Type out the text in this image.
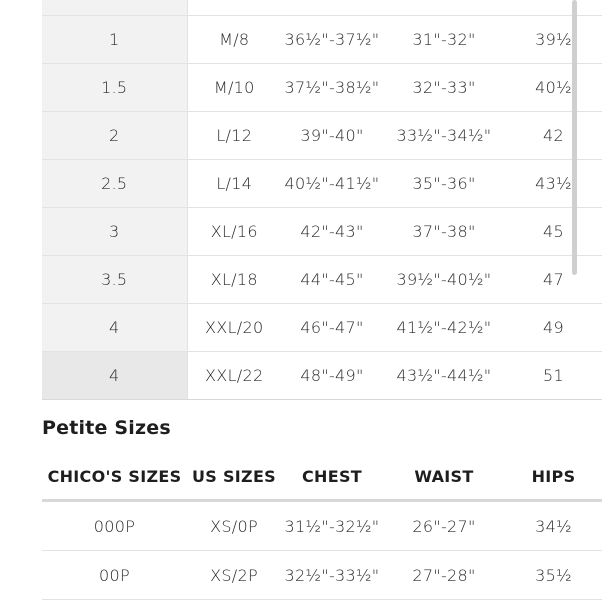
1	M/8	36½"-37½"	31"-32"	39½
1.5	M/10	37½"-38½"	32"-33"	40½
2	L/12	39"-40"	33½"-34½"	42
2.5	L/14	40½"-41½"	35"-36"	43½
3	XL/16	42"-43"	37"-38"	45
3.5	XL/18	44"-45"	39½"-40½"	47
4	XXL/20	46"-47"	41½"-42½"	49
4	XXL/22	48"-49"	43½"-44½"	51
Petite Sizes
CHICO'S SIZES	US SIZES	CHEST	WAIST	HIPS
000P	XS/0P	31½"-32½"	26"-27"	34½
00P	XS/2P	32½"-33½"	27"-28"	35½
